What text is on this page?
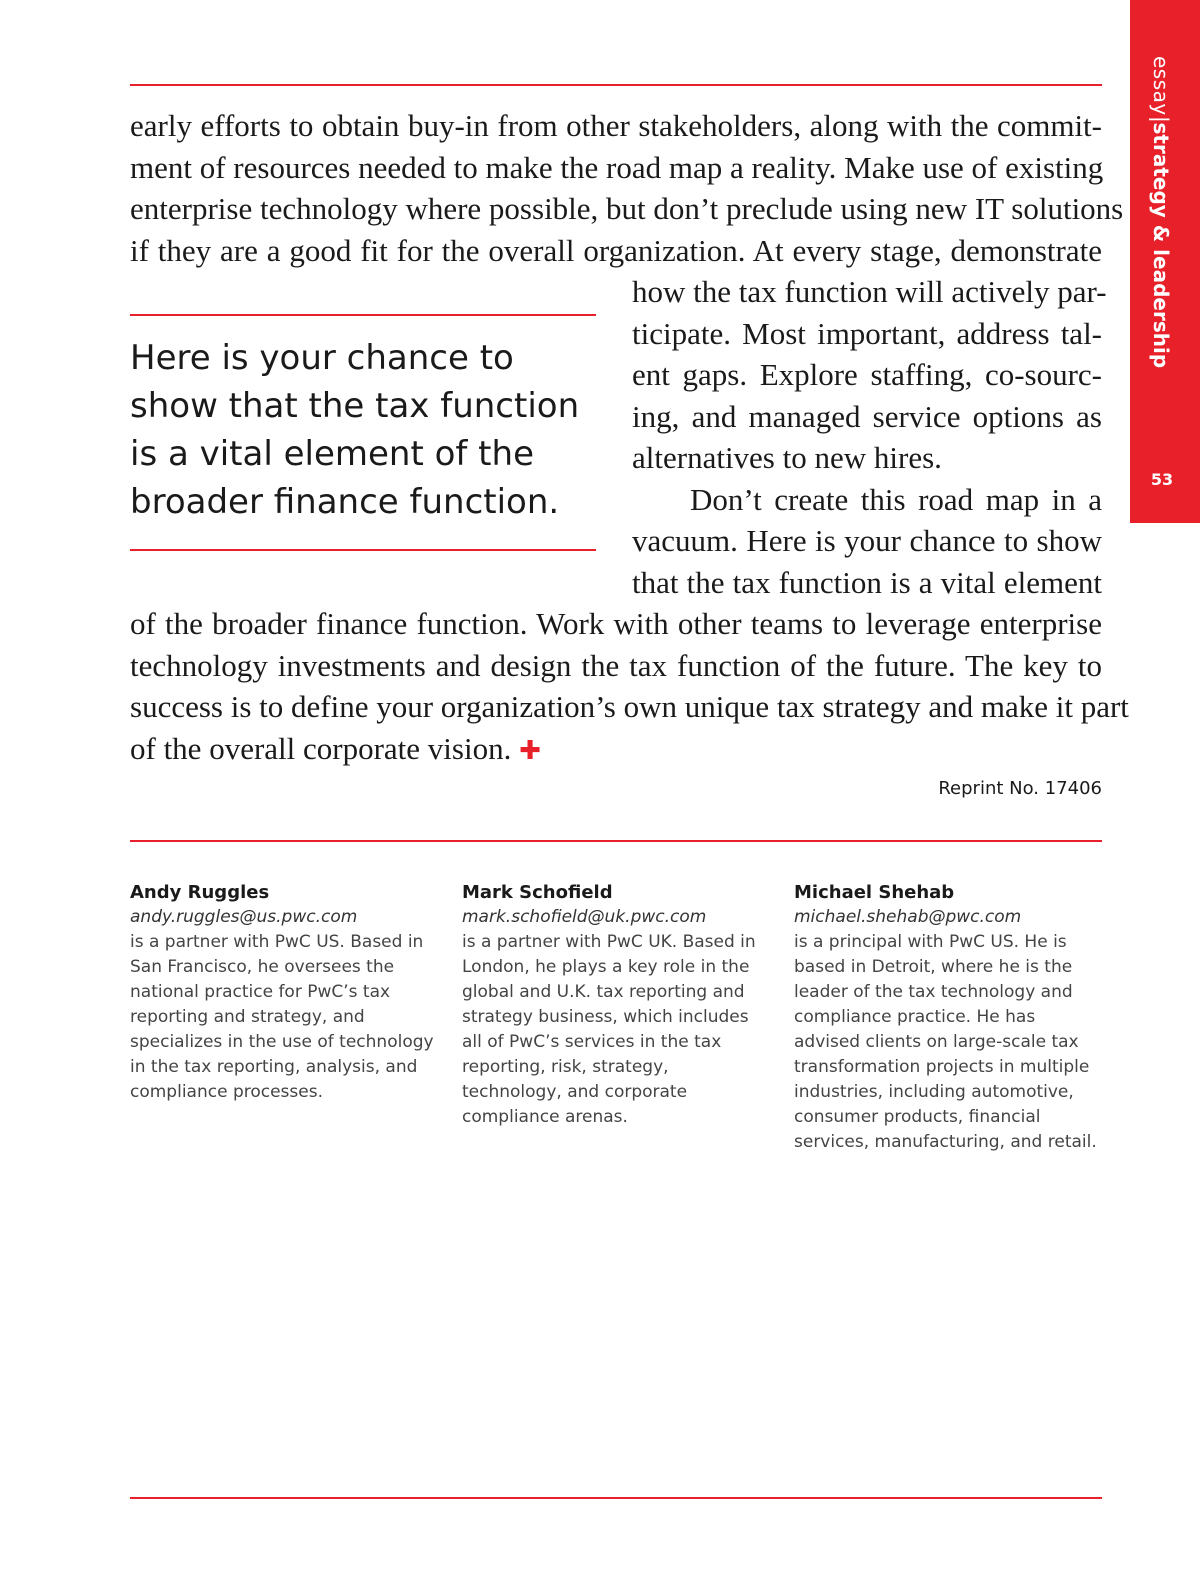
essay|strategy & leadership
53
early efforts to obtain buy-in from other stakeholders, along with the commit-
ment of resources needed to make the road map a reality. Make use of existing
enterprise technology where possible, but don’t preclude using new IT solutions
if they are a good fit for the overall organization. At every stage, demonstrate
how the tax function will actively par-
ticipate. Most important, address tal-
ent gaps. Explore staffing, co-sourc-
ing, and managed service options as
alternatives to new hires.
Don’t create this road map in a
vacuum. Here is your chance to show
that the tax function is a vital element
of the broader finance function. Work with other teams to leverage enterprise
technology investments and design the tax function of the future. The key to
success is to define your organization’s own unique tax strategy and make it part
of the overall corporate vision. ✚
Here is your chance to show that the tax function is a vital element of the broader finance function.
Reprint No. 17406
Andy Ruggles
andy.ruggles@us.pwc.com
is a partner with PwC US. Based in San Francisco, he oversees the national practice for PwC’s tax reporting and strategy, and specializes in the use of technology in the tax reporting, analysis, and compliance processes.
Mark Schofield
mark.schofield@uk.pwc.com
is a partner with PwC UK. Based in London, he plays a key role in the global and U.K. tax reporting and strategy business, which includes all of PwC’s services in the tax reporting, risk, strategy, technology, and corporate compliance arenas.
Michael Shehab
michael.shehab@pwc.com
is a principal with PwC US. He is based in Detroit, where he is the leader of the tax technology and compliance practice. He has advised clients on large-scale tax transformation projects in multiple industries, including automotive, consumer products, financial services, manufacturing, and retail.
